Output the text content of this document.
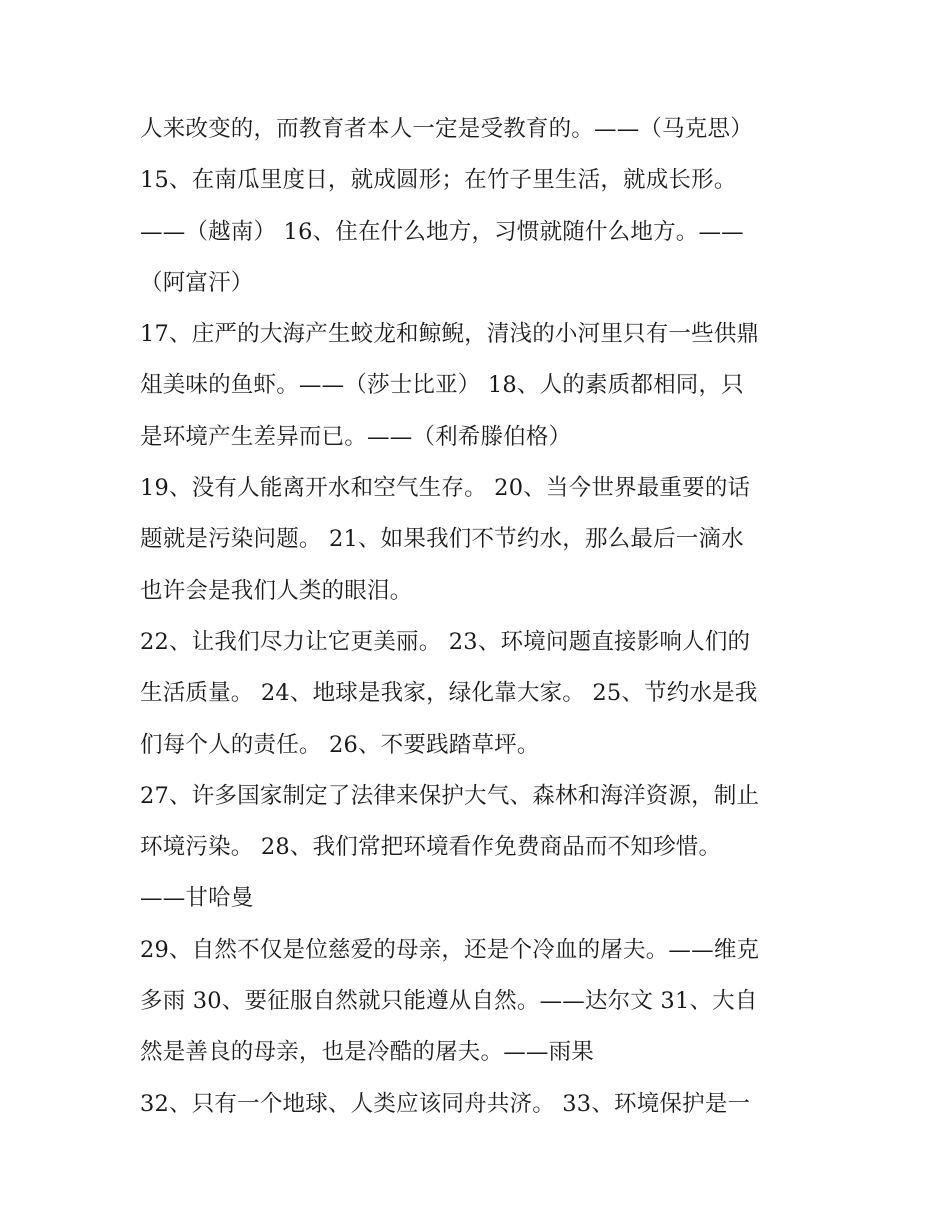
人来改变的，而教育者本人一定是受教育的。——（马克思）
15、在南瓜里度日，就成圆形；在竹子里生活，就成长形。
——（越南） 16、住在什么地方，习惯就随什么地方。——
（阿富汗）
17、庄严的大海产生蛟龙和鲸鲵，清浅的小河里只有一些供鼎
俎美味的鱼虾。——（莎士比亚） 18、人的素质都相同，只
是环境产生差异而已。——（利希滕伯格）
19、没有人能离开水和空气生存。 20、当今世界最重要的话
题就是污染问题。 21、如果我们不节约水，那么最后一滴水
也许会是我们人类的眼泪。
22、让我们尽力让它更美丽。 23、环境问题直接影响人们的
生活质量。 24、地球是我家，绿化靠大家。 25、节约水是我
们每个人的责任。 26、不要践踏草坪。
27、许多国家制定了法律来保护大气、森林和海洋资源，制止
环境污染。 28、我们常把环境看作免费商品而不知珍惜。
——甘哈曼
29、自然不仅是位慈爱的母亲，还是个冷血的屠夫。——维克
多雨 30、要征服自然就只能遵从自然。——达尔文 31、大自
然是善良的母亲，也是冷酷的屠夫。——雨果
32、只有一个地球、人类应该同舟共济。 33、环境保护是一
